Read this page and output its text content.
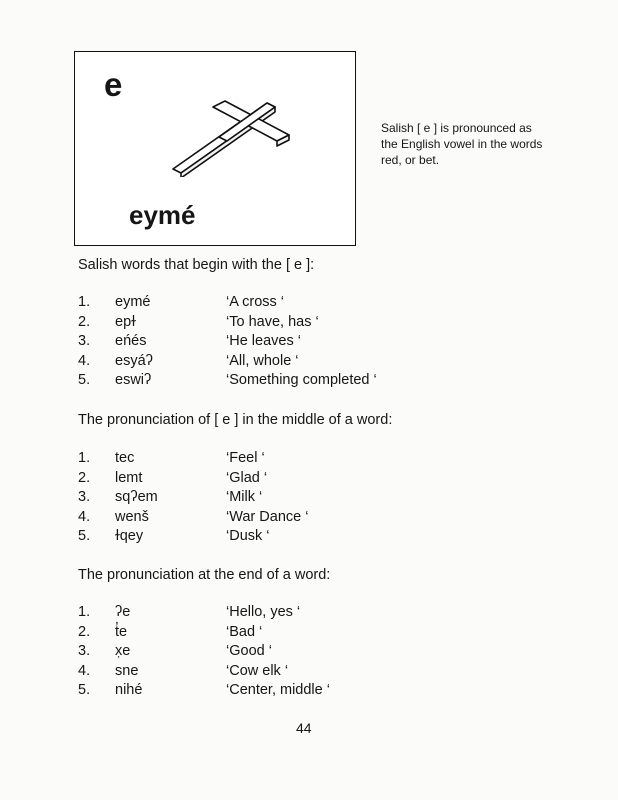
e
eymé
Salish [ e ] is pronounced as the English vowel in the words red, or bet.
Salish words that begin with the [ e ]:
1. eymé	‘A cross ‘
2. epɫ	‘To have, has ‘
3. eńés	‘He leaves ‘
4. esyáʔ	‘All, whole ‘
5. eswiʔ	‘Something completed ‘
The pronunciation of [ e ] in the middle of a word:
1. tec	‘Feel ‘
2. lemt	‘Glad ‘
3. sqʔem	‘Milk ‘
4. wenš	‘War Dance ‘
5. ɫqey	‘Dusk ‘
The pronunciation at the end of a word:
1. ʔe	‘Hello, yes ‘
2. t̓e	‘Bad ‘
3. x̣e	‘Good ‘
4. sne	‘Cow elk ‘
5. nihé	‘Center, middle ‘
44
